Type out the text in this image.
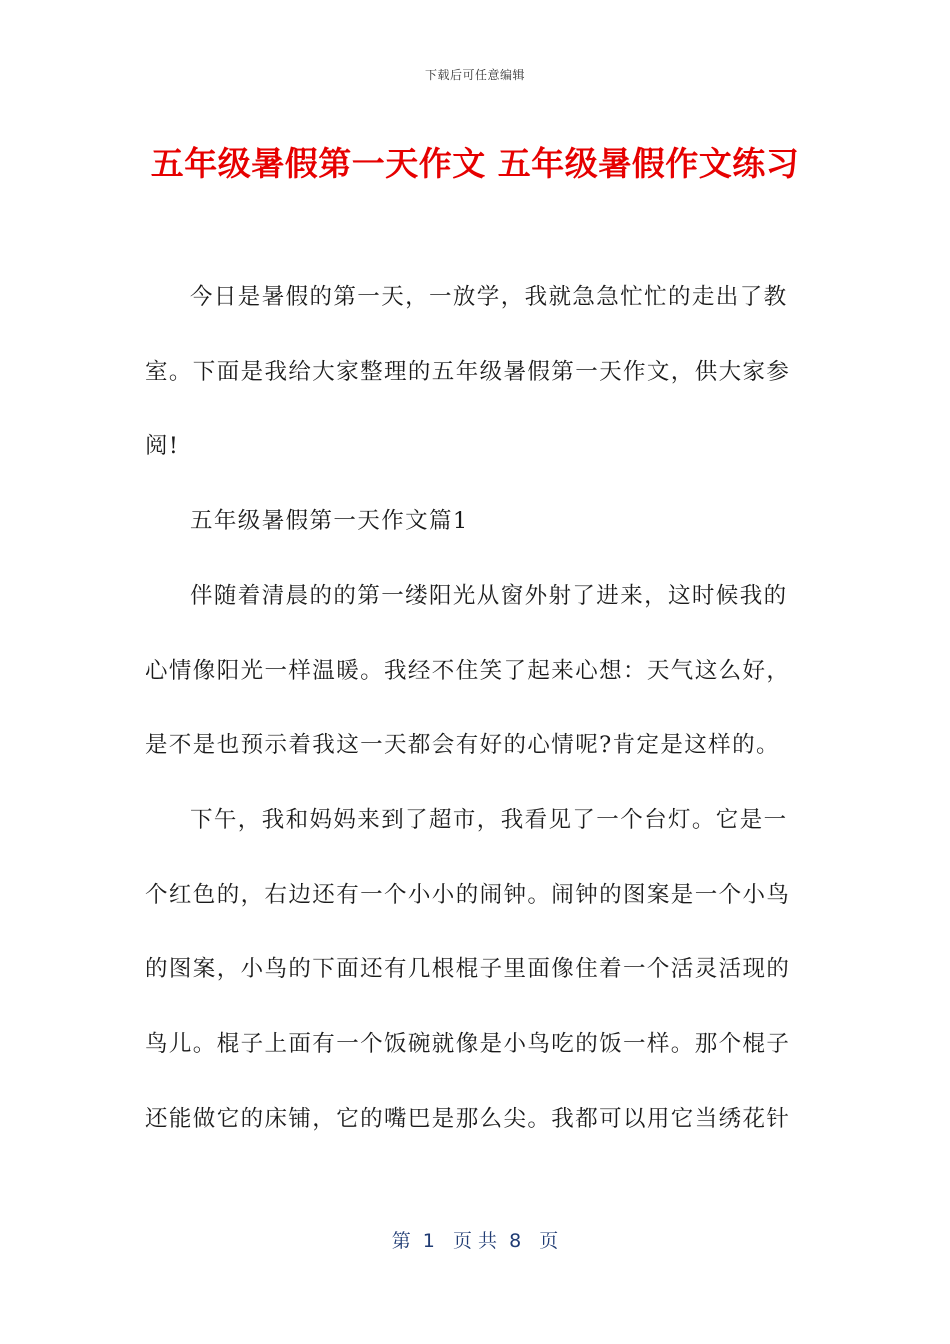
下载后可任意编辑
五年级暑假第一天作文 五年级暑假作文练习

今日是暑假的第一天，一放学，我就急急忙忙的走出了教室。下面是我给大家整理的五年级暑假第一天作文，供大家参阅!

五年级暑假第一天作文篇1

伴随着清晨的的第一缕阳光从窗外射了进来，这时候我的心情像阳光一样温暖。我经不住笑了起来心想：天气这么好，是不是也预示着我这一天都会有好的心情呢?肯定是这样的。

下午，我和妈妈来到了超市，我看见了一个台灯。它是一个红色的，右边还有一个小小的闹钟。闹钟的图案是一个小鸟的图案，小鸟的下面还有几根棍子里面像住着一个活灵活现的鸟儿。棍子上面有一个饭碗就像是小鸟吃的饭一样。那个棍子还能做它的床铺，它的嘴巴是那么尖。我都可以用它当绣花针

第  1   页 共  8   页
